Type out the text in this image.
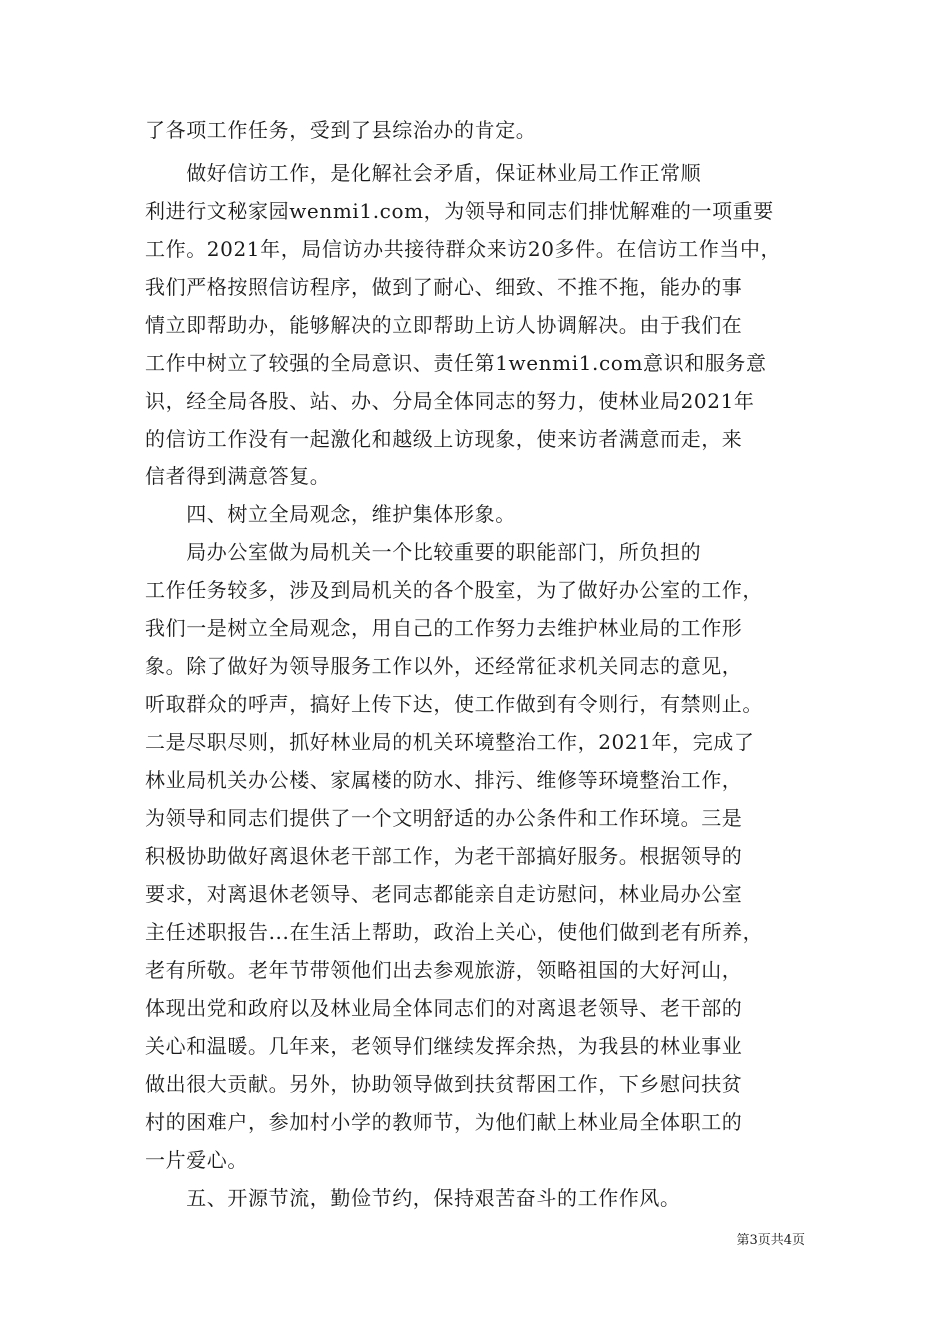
了各项工作任务，受到了县综治办的肯定。
　　做好信访工作，是化解社会矛盾，保证林业局工作正常顺
利进行文秘家园wenmi1.com，为领导和同志们排忧解难的一项重要
工作。2021年，局信访办共接待群众来访20多件。在信访工作当中，
我们严格按照信访程序，做到了耐心、细致、不推不拖，能办的事
情立即帮助办，能够解决的立即帮助上访人协调解决。由于我们在
工作中树立了较强的全局意识、责任第1wenmi1.com意识和服务意
识，经全局各股、站、办、分局全体同志的努力，使林业局2021年
的信访工作没有一起激化和越级上访现象，使来访者满意而走，来
信者得到满意答复。
　　四、树立全局观念，维护集体形象。
　　局办公室做为局机关一个比较重要的职能部门，所负担的
工作任务较多，涉及到局机关的各个股室，为了做好办公室的工作，
我们一是树立全局观念，用自己的工作努力去维护林业局的工作形
象。除了做好为领导服务工作以外，还经常征求机关同志的意见，
听取群众的呼声，搞好上传下达，使工作做到有令则行，有禁则止。
二是尽职尽则，抓好林业局的机关环境整治工作，2021年，完成了
林业局机关办公楼、家属楼的防水、排污、维修等环境整治工作，
为领导和同志们提供了一个文明舒适的办公条件和工作环境。三是
积极协助做好离退休老干部工作，为老干部搞好服务。根据领导的
要求，对离退休老领导、老同志都能亲自走访慰问，林业局办公室
主任述职报告...在生活上帮助，政治上关心，使他们做到老有所养，
老有所敬。老年节带领他们出去参观旅游，领略祖国的大好河山，
体现出党和政府以及林业局全体同志们的对离退老领导、老干部的
关心和温暖。几年来，老领导们继续发挥余热，为我县的林业事业
做出很大贡献。另外，协助领导做到扶贫帮困工作，下乡慰问扶贫
村的困难户，参加村小学的教师节，为他们献上林业局全体职工的
一片爱心。
　　五、开源节流，勤俭节约，保持艰苦奋斗的工作作风。
第3页共4页
